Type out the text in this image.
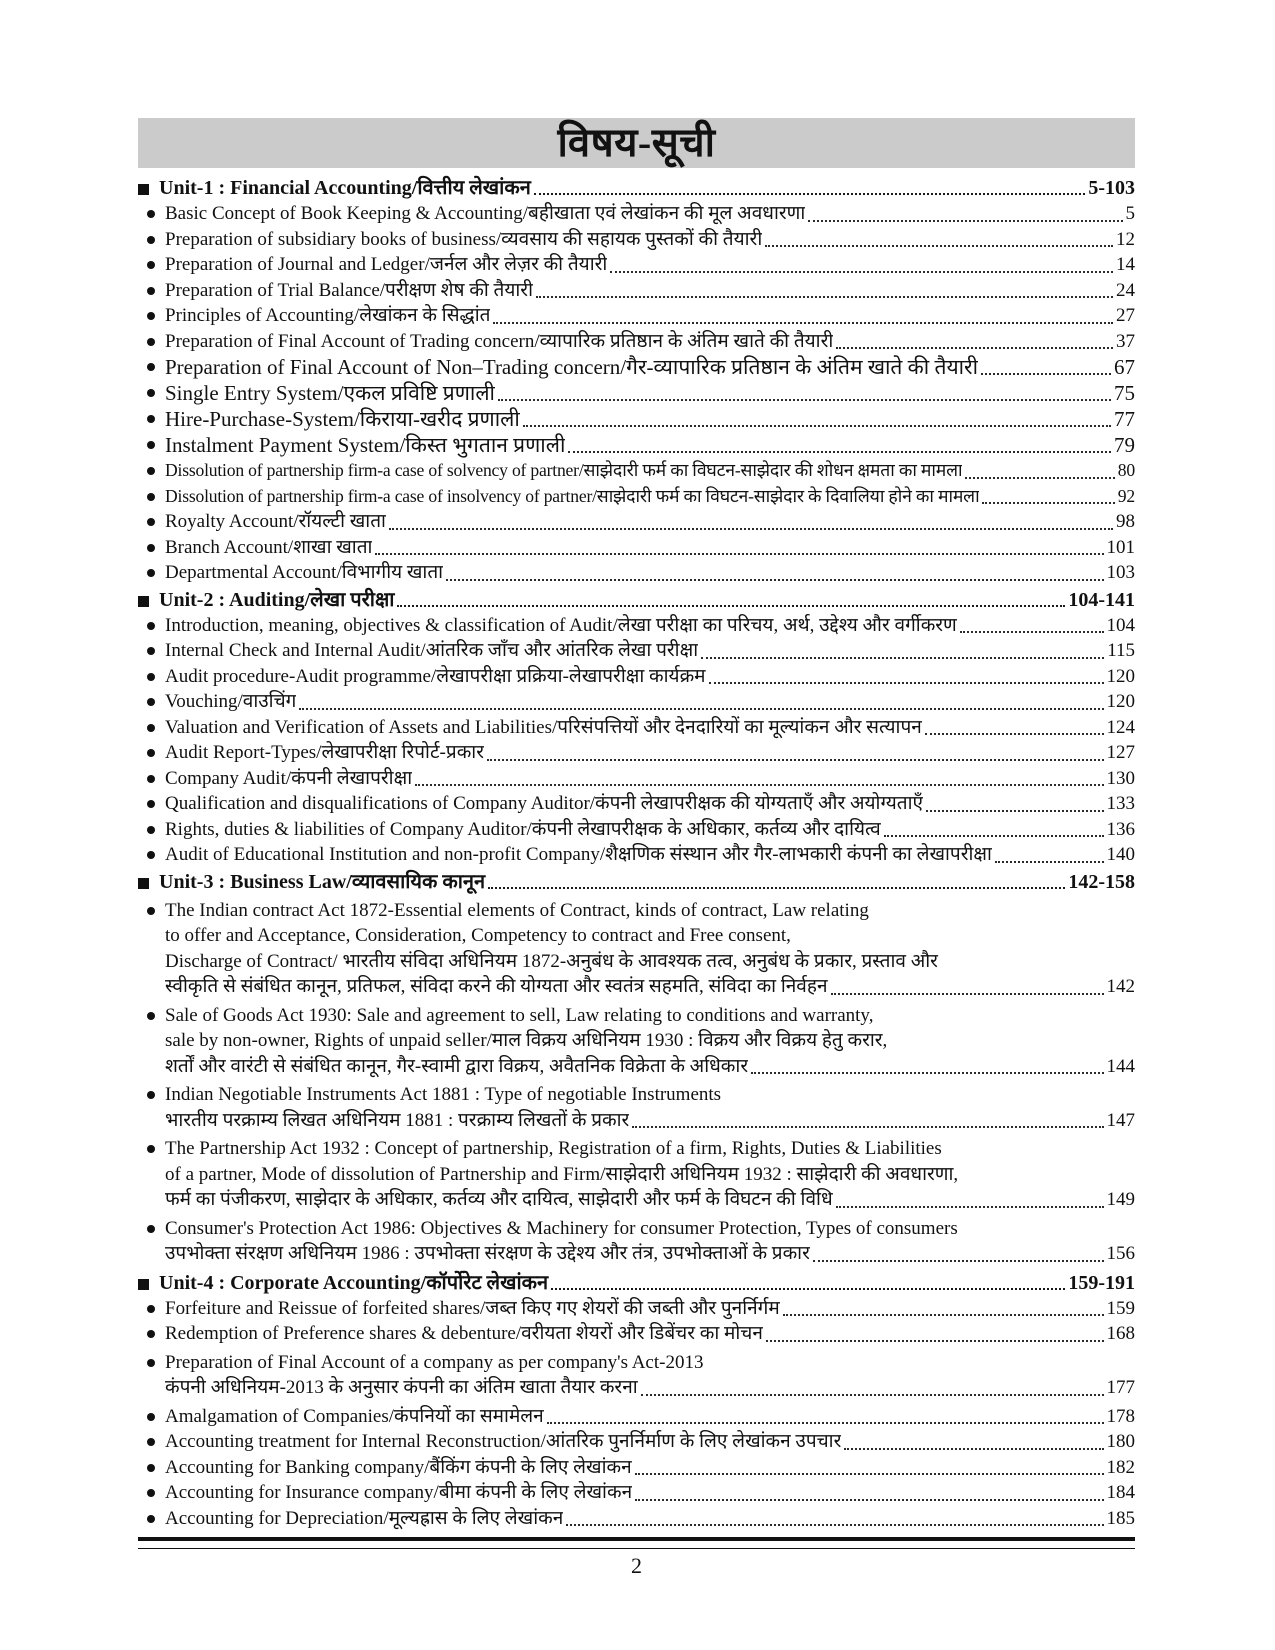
विषय-सूची
Unit-1 : Financial Accounting/वित्तीय लेखांकन	5-103
Basic Concept of Book Keeping & Accounting/बहीखाता एवं लेखांकन की मूल अवधारणा	5
Preparation of subsidiary books of business/व्यवसाय की सहायक पुस्तकों की तैयारी	12
Preparation of Journal and Ledger/जर्नल और लेज़र की तैयारी	14
Preparation of Trial Balance/परीक्षण शेष की तैयारी	24
Principles of Accounting/लेखांकन के सिद्धांत	27
Preparation of Final Account of Trading concern/व्यापारिक प्रतिष्ठान के अंतिम खाते की तैयारी	37
Preparation of Final Account of Non–Trading concern/गैर-व्यापारिक प्रतिष्ठान के अंतिम खाते की तैयारी	67
Single Entry System/एकल प्रविष्टि प्रणाली	75
Hire-Purchase-System/किराया-खरीद प्रणाली	77
Instalment Payment System/किस्त भुगतान प्रणाली	79
Dissolution of partnership firm-a case of solvency of partner/साझेदारी फर्म का विघटन-साझेदार की शोधन क्षमता का मामला	80
Dissolution of partnership firm-a case of insolvency of partner/साझेदारी फर्म का विघटन-साझेदार के दिवालिया होने का मामला	92
Royalty Account/रॉयल्टी खाता	98
Branch Account/शाखा खाता	101
Departmental Account/विभागीय खाता	103
Unit-2 : Auditing/लेखा परीक्षा	104-141
Introduction, meaning, objectives & classification of Audit/लेखा परीक्षा का परिचय, अर्थ, उद्देश्य और वर्गीकरण	104
Internal Check and Internal Audit/आंतरिक जाँच और आंतरिक लेखा परीक्षा	115
Audit procedure-Audit programme/लेखापरीक्षा प्रक्रिया-लेखापरीक्षा कार्यक्रम	120
Vouching/वाउचिंग	120
Valuation and Verification of Assets and Liabilities/परिसंपत्तियों और देनदारियों का मूल्यांकन और सत्यापन	124
Audit Report-Types/लेखापरीक्षा रिपोर्ट-प्रकार	127
Company Audit/कंपनी लेखापरीक्षा	130
Qualification and disqualifications of Company Auditor/कंपनी लेखापरीक्षक की योग्यताएँ और अयोग्यताएँ	133
Rights, duties & liabilities of Company Auditor/कंपनी लेखापरीक्षक के अधिकार, कर्तव्य और दायित्व	136
Audit of Educational Institution and non-profit Company/शैक्षणिक संस्थान और गैर-लाभकारी कंपनी का लेखापरीक्षा	140
Unit-3 : Business Law/व्यावसायिक कानून	142-158
The Indian contract Act 1872-Essential elements of Contract, kinds of contract, Law relating
to offer and Acceptance, Consideration, Competency to contract and Free consent,
Discharge of Contract/ भारतीय संविदा अधिनियम 1872-अनुबंध के आवश्यक तत्व, अनुबंध के प्रकार, प्रस्ताव और
स्वीकृति से संबंधित कानून, प्रतिफल, संविदा करने की योग्यता और स्वतंत्र सहमति, संविदा का निर्वहन	142
Sale of Goods Act 1930: Sale and agreement to sell, Law relating to conditions and warranty,
sale by non-owner, Rights of unpaid seller/माल विक्रय अधिनियम 1930 : विक्रय और विक्रय हेतु करार,
शर्तों और वारंटी से संबंधित कानून, गैर-स्वामी द्वारा विक्रय, अवैतनिक विक्रेता के अधिकार	144
Indian Negotiable Instruments Act 1881 : Type of negotiable Instruments
भारतीय परक्राम्य लिखत अधिनियम 1881 : परक्राम्य लिखतों के प्रकार	147
The Partnership Act 1932 : Concept of partnership, Registration of a firm, Rights, Duties & Liabilities
of a partner, Mode of dissolution of Partnership and Firm/साझेदारी अधिनियम 1932 : साझेदारी की अवधारणा,
फर्म का पंजीकरण, साझेदार के अधिकार, कर्तव्य और दायित्व, साझेदारी और फर्म के विघटन की विधि	149
Consumer's Protection Act 1986: Objectives & Machinery for consumer Protection, Types of consumers
उपभोक्ता संरक्षण अधिनियम 1986 : उपभोक्ता संरक्षण के उद्देश्य और तंत्र, उपभोक्ताओं के प्रकार	156
Unit-4 : Corporate Accounting/कॉर्पोरेट लेखांकन	159-191
Forfeiture and Reissue of forfeited shares/जब्त किए गए शेयरों की जब्ती और पुनर्निर्गम	159
Redemption of Preference shares & debenture/वरीयता शेयरों और डिबेंचर का मोचन	168
Preparation of Final Account of a company as per company's Act-2013
कंपनी अधिनियम-2013 के अनुसार कंपनी का अंतिम खाता तैयार करना	177
Amalgamation of Companies/कंपनियों का समामेलन	178
Accounting treatment for Internal Reconstruction/आंतरिक पुनर्निर्माण के लिए लेखांकन उपचार	180
Accounting for Banking company/बैंकिंग कंपनी के लिए लेखांकन	182
Accounting for Insurance company/बीमा कंपनी के लिए लेखांकन	184
Accounting for Depreciation/मूल्यह्रास के लिए लेखांकन	185
2
